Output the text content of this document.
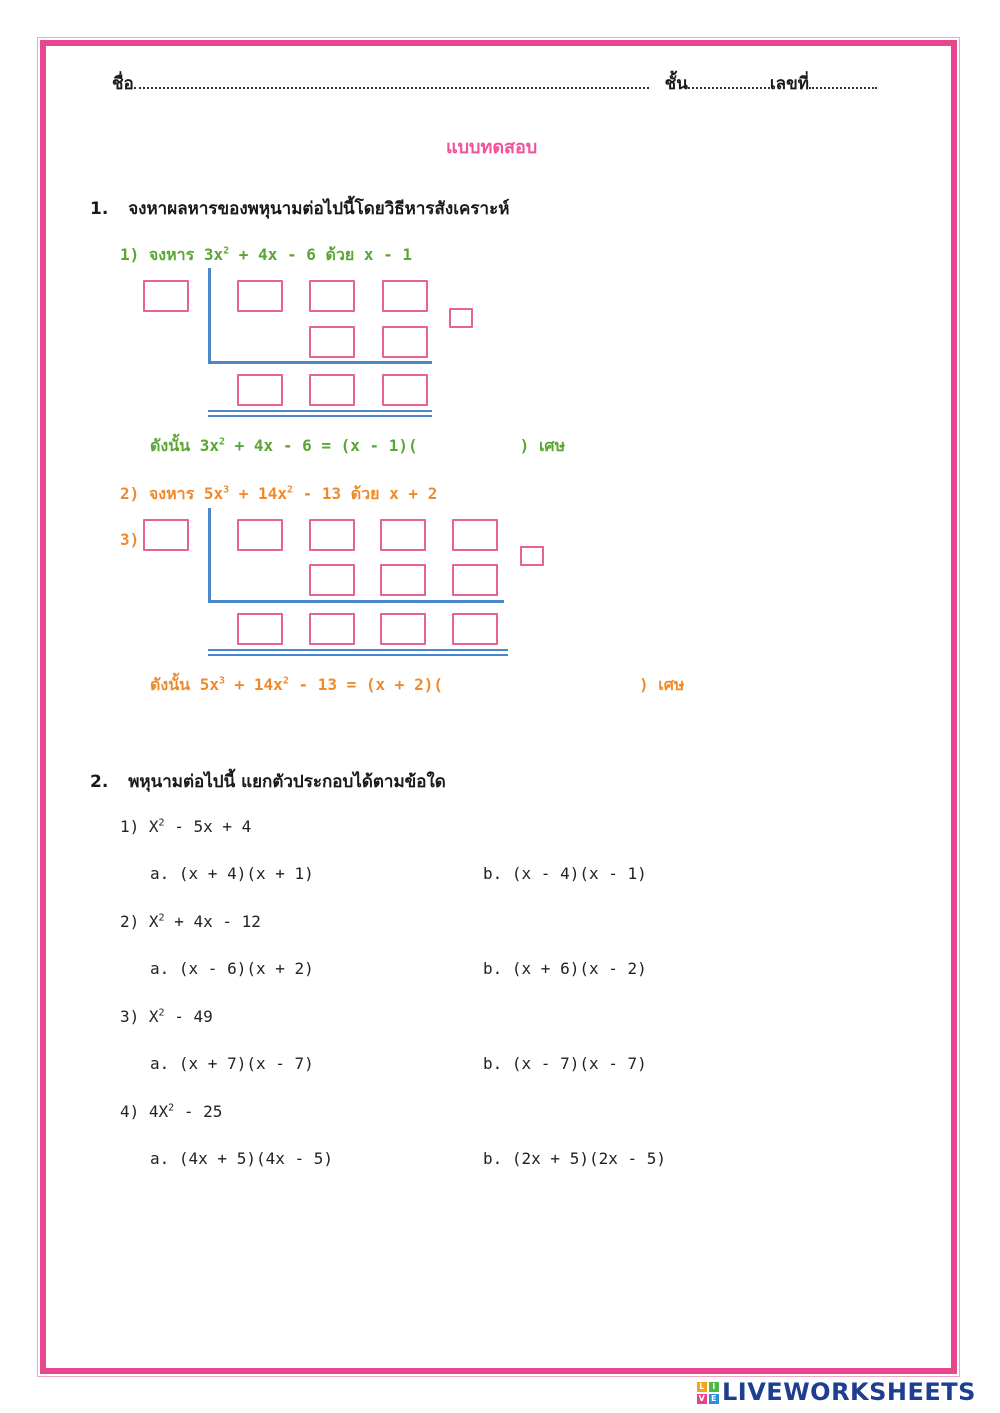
ชื่อ	ชั้น	เลขที่
แบบทดสอบ
1. จงหาผลหารของพหุนามต่อไปนี้โดยวิธีหารสังเคราะห์
1) จงหาร $3x^2 + 4x - 6$ ด้วย x - 1
ดังนั้น $3x^2 + 4x - 6 = (x - 1)$(	) เศษ
2) จงหาร $5x^3 + 14x^2 - 13$ ด้วย x + 2
3)
ดังนั้น $5x^3 + 14x^2 - 13 = (x + 2)$(	) เศษ
2. พหุนามต่อไปนี้ แยกตัวประกอบได้ตามข้อใด
1) $X^2 - 5x + 4$
a. (x + 4)(x + 1)	b. (x - 4)(x - 1)
2) $X^2 + 4x - 12$
a. (x - 6)(x + 2)	b. (x + 6)(x - 2)
3) $X^2 - 49$
a. (x + 7)(x - 7)	b. (x - 7)(x - 7)
4) $4X^2 - 25$
a. (4x + 5)(4x - 5)	b. (2x + 5)(2x - 5)
L I
V E LIVEWORKSHEETS
